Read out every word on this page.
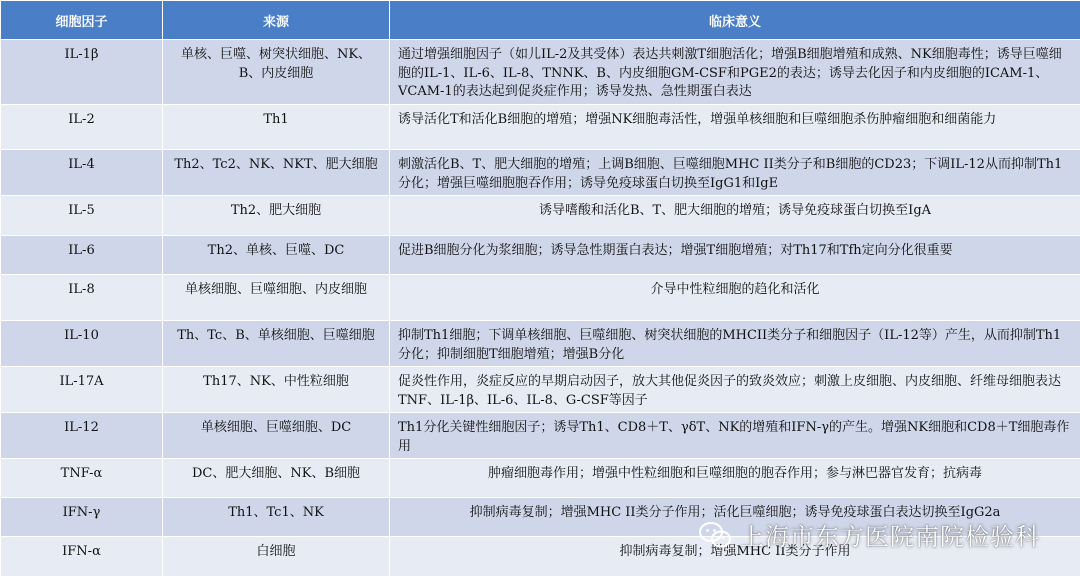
细胞因子	来源	临床意义
IL-1β	单核、巨噬、树突状细胞、NK、B、内皮细胞	通过增强细胞因子（如儿IL-2及其受体）表达共刺激T细胞活化；增强B细胞增殖和成熟、NK细胞毒性；诱导巨噬细胞的IL-1、IL-6、IL-8、TNNK、B、内皮细胞GM-CSF和PGE2的表达；诱导去化因子和内皮细胞的ICAM-1、VCAM-1的表达起到促炎症作用；诱导发热、急性期蛋白表达
IL-2	Th1	诱导活化T和活化B细胞的增殖；增强NK细胞毒活性，增强单核细胞和巨噬细胞杀伤肿瘤细胞和细菌能力
IL-4	Th2、Tc2、NK、NKT、肥大细胞	刺激活化B、T、肥大细胞的增殖；上调B细胞、巨噬细胞MHC II类分子和B细胞的CD23；下调IL-12从而抑制Th1分化；增强巨噬细胞胞吞作用；诱导免疫球蛋白切换至IgG1和IgE
IL-5	Th2、肥大细胞	诱导嗜酸和活化B、T、肥大细胞的增殖；诱导免疫球蛋白切换至IgA
IL-6	Th2、单核、巨噬、DC	促进B细胞分化为浆细胞；诱导急性期蛋白表达；增强T细胞增殖；对Th17和Tfh定向分化很重要
IL-8	单核细胞、巨噬细胞、内皮细胞	介导中性粒细胞的趋化和活化
IL-10	Th、Tc、B、单核细胞、巨噬细胞	抑制Th1细胞；下调单核细胞、巨噬细胞、树突状细胞的MHCII类分子和细胞因子（IL-12等）产生，从而抑制Th1分化；抑制细胞T细胞增殖；增强B分化
IL-17A	Th17、NK、中性粒细胞	促炎性作用，炎症反应的早期启动因子，放大其他促炎因子的致炎效应；刺激上皮细胞、内皮细胞、纤维母细胞表达TNF、IL-1β、IL-6、IL-8、G-CSF等因子
IL-12	单核细胞、巨噬细胞、DC	Th1分化关键性细胞因子；诱导Th1、CD8＋T、γδT、NK的增殖和IFN-γ的产生。增强NK细胞和CD8＋T细胞毒作用
TNF-α	DC、肥大细胞、NK、B细胞	肿瘤细胞毒作用；增强中性粒细胞和巨噬细胞的胞吞作用；参与淋巴器官发育；抗病毒
IFN-γ	Th1、Tc1、NK	抑制病毒复制；增强MHC II类分子作用；活化巨噬细胞；诱导免疫球蛋白表达切换至IgG2a
IFN-α	白细胞	抑制病毒复制；增强MHC II类分子作用
上海市东方医院南院检验科
